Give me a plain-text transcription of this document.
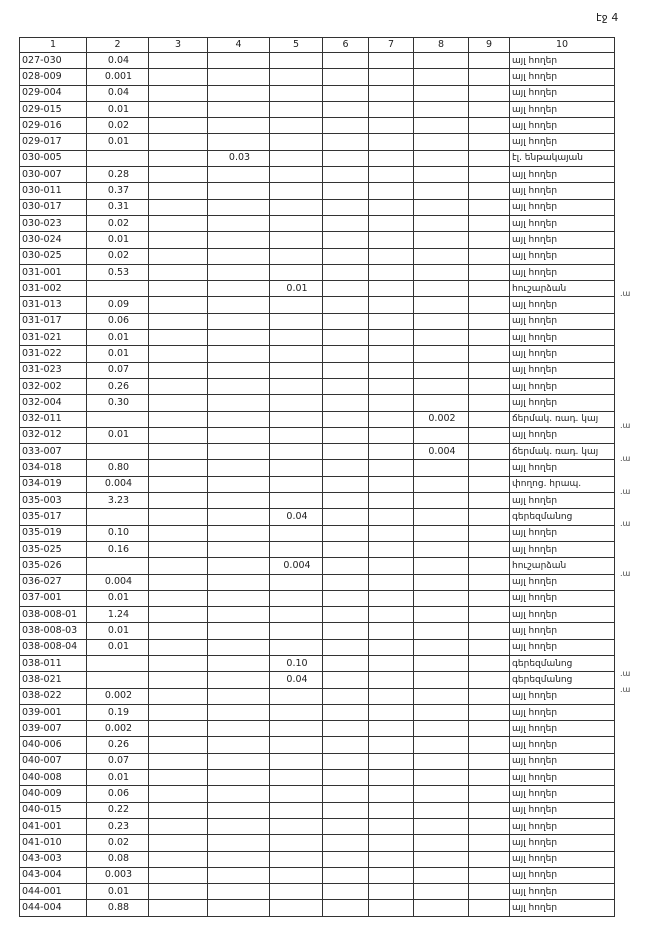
էջ 4
1	2	3	4	5	6	7	8	9	10
027-030	0.04								այլ հողեր
028-009	0.001								այլ հողեր
029-004	0.04								այլ հողեր
029-015	0.01								այլ հողեր
029-016	0.02								այլ հողեր
029-017	0.01								այլ հողեր
030-005			0.03						էլ. ենթակայան
030-007	0.28								այլ հողեր
030-011	0.37								այլ հողեր
030-017	0.31								այլ հողեր
030-023	0.02								այլ հողեր
030-024	0.01								այլ հողեր
030-025	0.02								այլ հողեր
031-001	0.53								այլ հողեր
031-002				0.01					հուշարձան
031-013	0.09								այլ հողեր
031-017	0.06								այլ հողեր
031-021	0.01								այլ հողեր
031-022	0.01								այլ հողեր
031-023	0.07								այլ հողեր
032-002	0.26								այլ հողեր
032-004	0.30								այլ հողեր
032-011							0.002		ճերմակ. ռադ. կայ
032-012	0.01								այլ հողեր
033-007							0.004		ճերմակ. ռադ. կայ
034-018	0.80								այլ հողեր
034-019	0.004								փողոց. հրապ.
035-003	3.23								այլ հողեր
035-017				0.04					գերեզմանոց
035-019	0.10								այլ հողեր
035-025	0.16								այլ հողեր
035-026				0.004					հուշարձան
036-027	0.004								այլ հողեր
037-001	0.01								այլ հողեր
038-008-01	1.24								այլ հողեր
038-008-03	0.01								այլ հողեր
038-008-04	0.01								այլ հողեր
038-011				0.10					գերեզմանոց
038-021				0.04					գերեզմանոց
038-022	0.002								այլ հողեր
039-001	0.19								այլ հողեր
039-007	0.002								այլ հողեր
040-006	0.26								այլ հողեր
040-007	0.07								այլ հողեր
040-008	0.01								այլ հողեր
040-009	0.06								այլ հողեր
040-015	0.22								այլ հողեր
041-001	0.23								այլ հողեր
041-010	0.02								այլ հողեր
043-003	0.08								այլ հողեր
043-004	0.003								այլ հողեր
044-001	0.01								այլ հողեր
044-004	0.88								այլ հողեր
.ա
.ա
.ա
.ա
.ա
.ա
.ա
.ա
